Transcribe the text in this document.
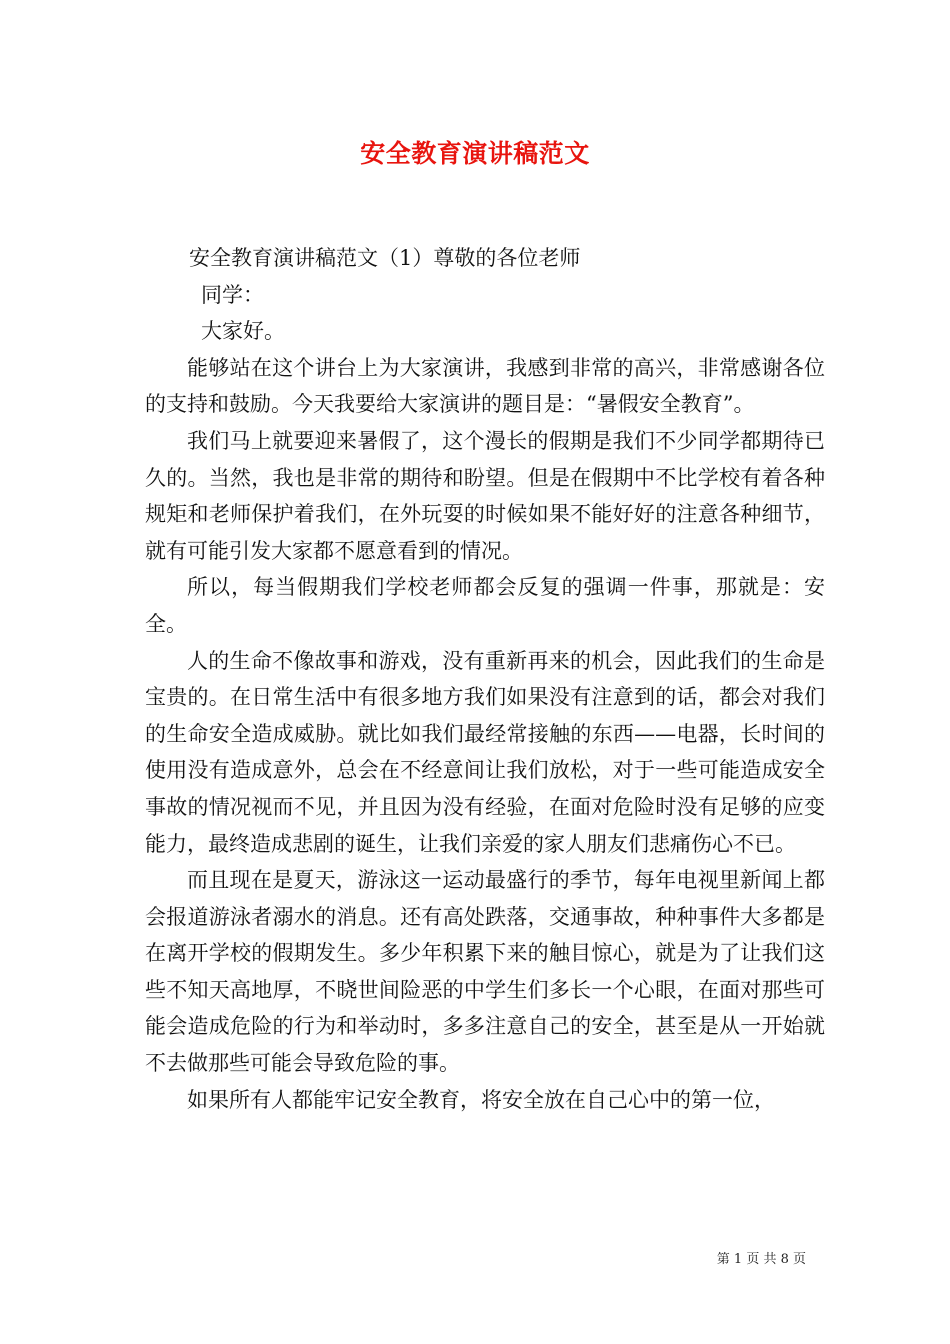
安全教育演讲稿范文

安全教育演讲稿范文（1）尊敬的各位老师

同学：

大家好。

能够站在这个讲台上为大家演讲，我感到非常的高兴，非常感谢各位的支持和鼓励。今天我要给大家演讲的题目是：“暑假安全教育”。

我们马上就要迎来暑假了，这个漫长的假期是我们不少同学都期待已久的。当然，我也是非常的期待和盼望。但是在假期中不比学校有着各种规矩和老师保护着我们，在外玩耍的时候如果不能好好的注意各种细节，就有可能引发大家都不愿意看到的情况。

所以，每当假期我们学校老师都会反复的强调一件事，那就是：安全。

人的生命不像故事和游戏，没有重新再来的机会，因此我们的生命是宝贵的。在日常生活中有很多地方我们如果没有注意到的话，都会对我们的生命安全造成威胁。就比如我们最经常接触的东西——电器，长时间的使用没有造成意外，总会在不经意间让我们放松，对于一些可能造成安全事故的情况视而不见，并且因为没有经验，在面对危险时没有足够的应变能力，最终造成悲剧的诞生，让我们亲爱的家人朋友们悲痛伤心不已。

而且现在是夏天，游泳这一运动最盛行的季节，每年电视里新闻上都会报道游泳者溺水的消息。还有高处跌落，交通事故，种种事件大多都是在离开学校的假期发生。多少年积累下来的触目惊心，就是为了让我们这些不知天高地厚，不晓世间险恶的中学生们多长一个心眼，在面对那些可能会造成危险的行为和举动时，多多注意自己的安全，甚至是从一开始就不去做那些可能会导致危险的事。

如果所有人都能牢记安全教育，将安全放在自己心中的第一位，

第 1 页 共 8 页
